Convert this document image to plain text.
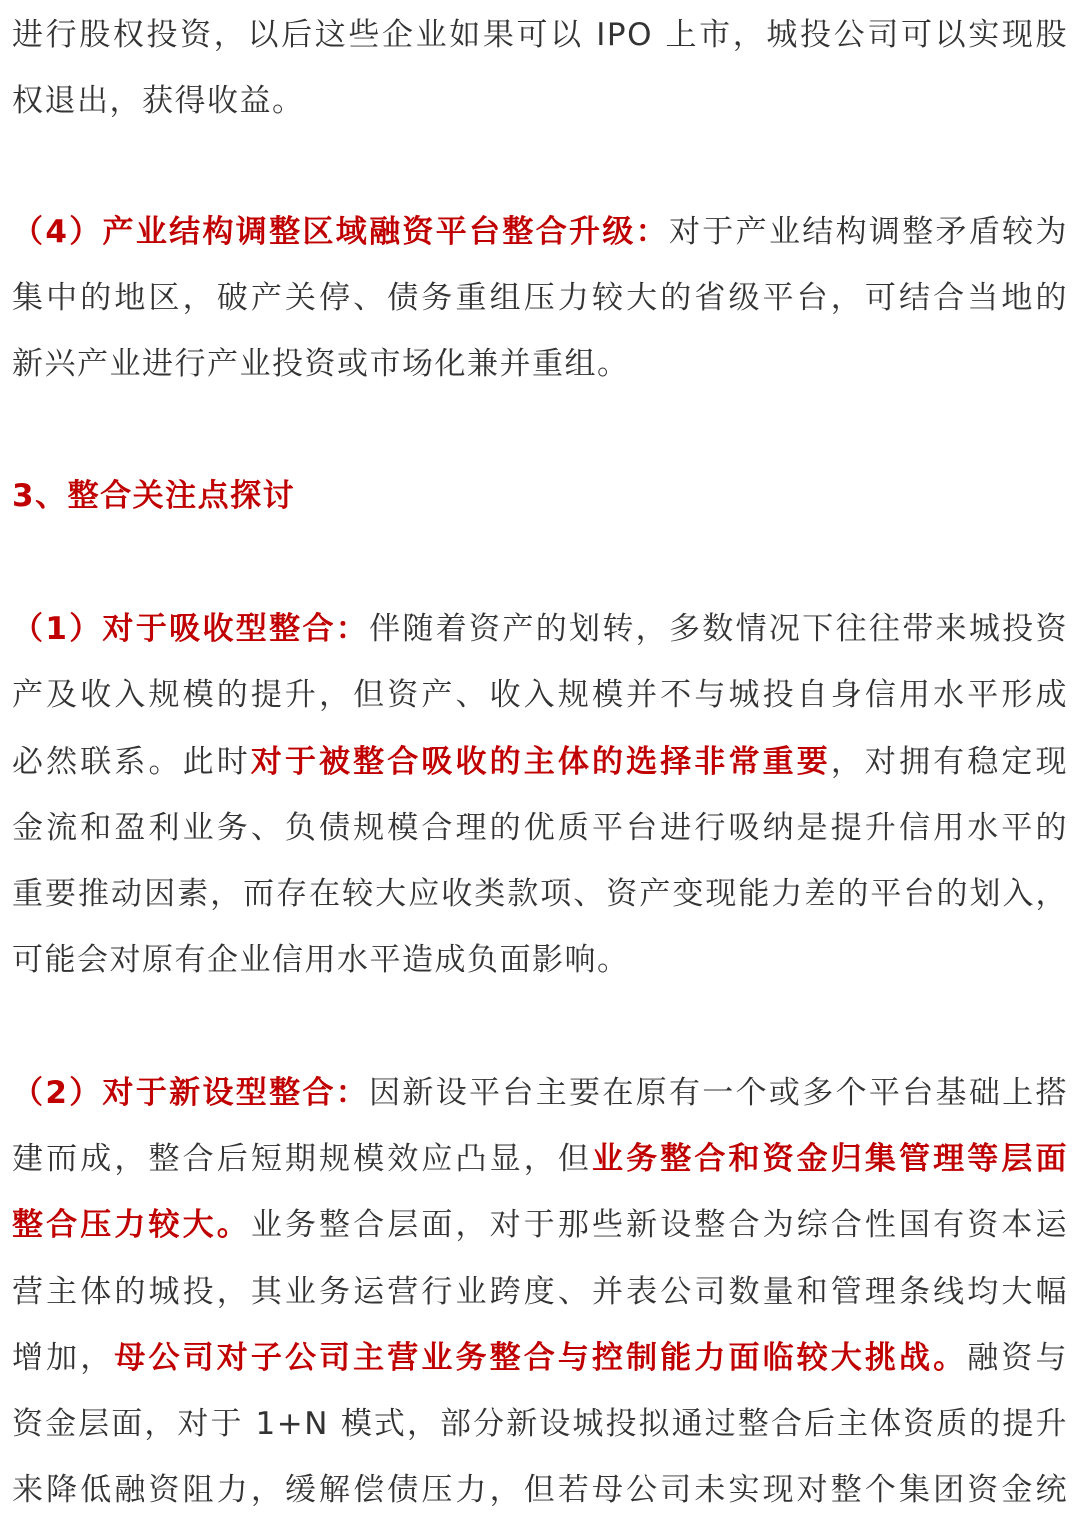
进行股权投资，以后这些企业如果可以 IPO 上市，城投公司可以实现股
权退出，获得收益。
（4）产业结构调整区域融资平台整合升级：对于产业结构调整矛盾较为
集中的地区，破产关停、债务重组压力较大的省级平台，可结合当地的
新兴产业进行产业投资或市场化兼并重组。
3、整合关注点探讨
（1）对于吸收型整合：伴随着资产的划转，多数情况下往往带来城投资
产及收入规模的提升，但资产、收入规模并不与城投自身信用水平形成
必然联系。此时对于被整合吸收的主体的选择非常重要，对拥有稳定现
金流和盈利业务、负债规模合理的优质平台进行吸纳是提升信用水平的
重要推动因素，而存在较大应收类款项、资产变现能力差的平台的划入，
可能会对原有企业信用水平造成负面影响。
（2）对于新设型整合：因新设平台主要在原有一个或多个平台基础上搭
建而成，整合后短期规模效应凸显，但业务整合和资金归集管理等层面
整合压力较大。业务整合层面，对于那些新设整合为综合性国有资本运
营主体的城投，其业务运营行业跨度、并表公司数量和管理条线均大幅
增加，母公司对子公司主营业务整合与控制能力面临较大挑战。融资与
资金层面，对于 1+N 模式，部分新设城投拟通过整合后主体资质的提升
来降低融资阻力，缓解偿债压力，但若母公司未实现对整个集团资金统
